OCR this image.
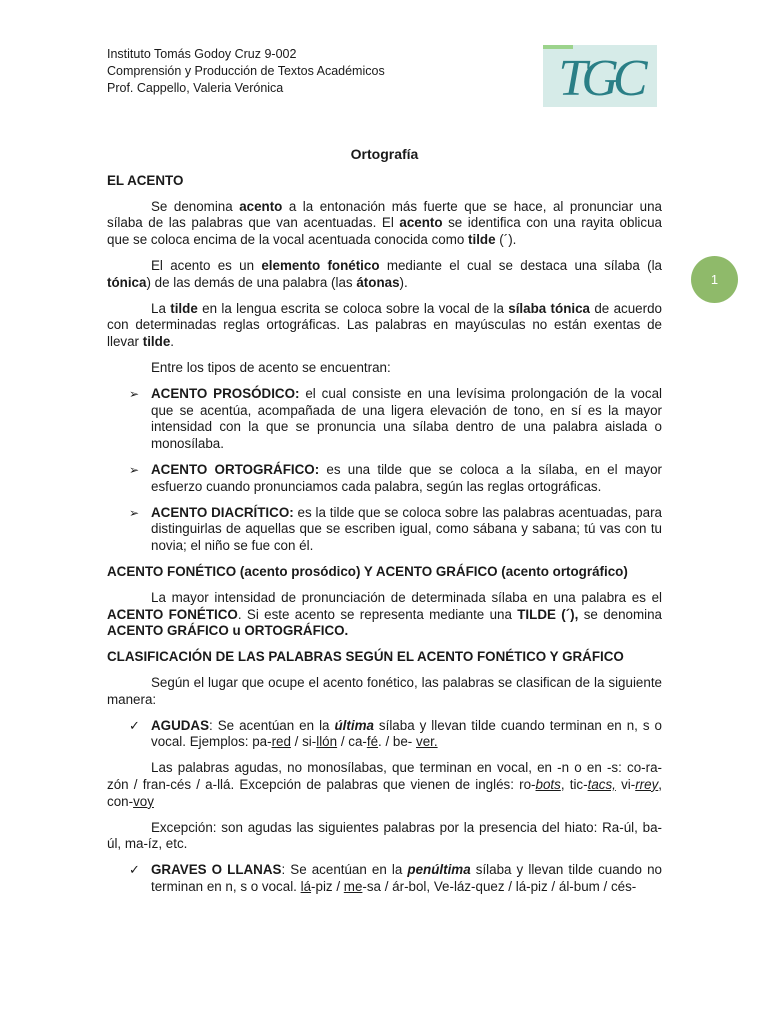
Instituto Tomás Godoy Cruz 9-002
Comprensión y Producción de Textos Académicos
Prof. Cappello, Valeria Verónica	TGC
1
Ortografía
EL ACENTO

Se denomina acento a la entonación más fuerte que se hace, al pronunciar una sílaba de las palabras que van acentuadas. El acento se identifica con una rayita oblicua que se coloca encima de la vocal acentuada conocida como tilde (´).

El acento es un elemento fonético mediante el cual se destaca una sílaba (la tónica) de las demás de una palabra (las átonas).

La tilde en la lengua escrita se coloca sobre la vocal de la sílaba tónica de acuerdo con determinadas reglas ortográficas. Las palabras en mayúsculas no están exentas de llevar tilde.

Entre los tipos de acento se encuentran:

➢ ACENTO PROSÓDICO: el cual consiste en una levísima prolongación de la vocal que se acentúa, acompañada de una ligera elevación de tono, en sí es la mayor intensidad con la que se pronuncia una sílaba dentro de una palabra aislada o monosílaba.
➢ ACENTO ORTOGRÁFICO: es una tilde que se coloca a la sílaba, en el mayor esfuerzo cuando pronunciamos cada palabra, según las reglas ortográficas.
➢ ACENTO DIACRÍTICO: es la tilde que se coloca sobre las palabras acentuadas, para distinguirlas de aquellas que se escriben igual, como sábana y sabana; tú vas con tu novia; el niño se fue con él.
ACENTO FONÉTICO (acento prosódico) Y ACENTO GRÁFICO (acento ortográfico)

La mayor intensidad de pronunciación de determinada sílaba en una palabra es el ACENTO FONÉTICO. Si este acento se representa mediante una TILDE (´), se denomina ACENTO GRÁFICO u ORTOGRÁFICO.

CLASIFICACIÓN DE LAS PALABRAS SEGÚN EL ACENTO FONÉTICO Y GRÁFICO

Según el lugar que ocupe el acento fonético, las palabras se clasifican de la siguiente manera:

✓ AGUDAS: Se acentúan en la última sílaba y llevan tilde cuando terminan en n, s o vocal. Ejemplos: pa-red / si-llón / ca-fé. / be- ver.

Las palabras agudas, no monosílabas, que terminan en vocal, en -n o en -s: co-ra-zón / fran-cés / a-llá. Excepción de palabras que vienen de inglés: ro-bots, tic-tacs, vi-rrey, con-voy

Excepción: son agudas las siguientes palabras por la presencia del hiato: Ra-úl, ba-úl, ma-íz, etc.

✓ GRAVES O LLANAS: Se acentúan en la penúltima sílaba y llevan tilde cuando no terminan en n, s o vocal. lá-piz / me-sa / ár-bol, Ve-láz-quez / lá-piz / ál-bum / cés-
